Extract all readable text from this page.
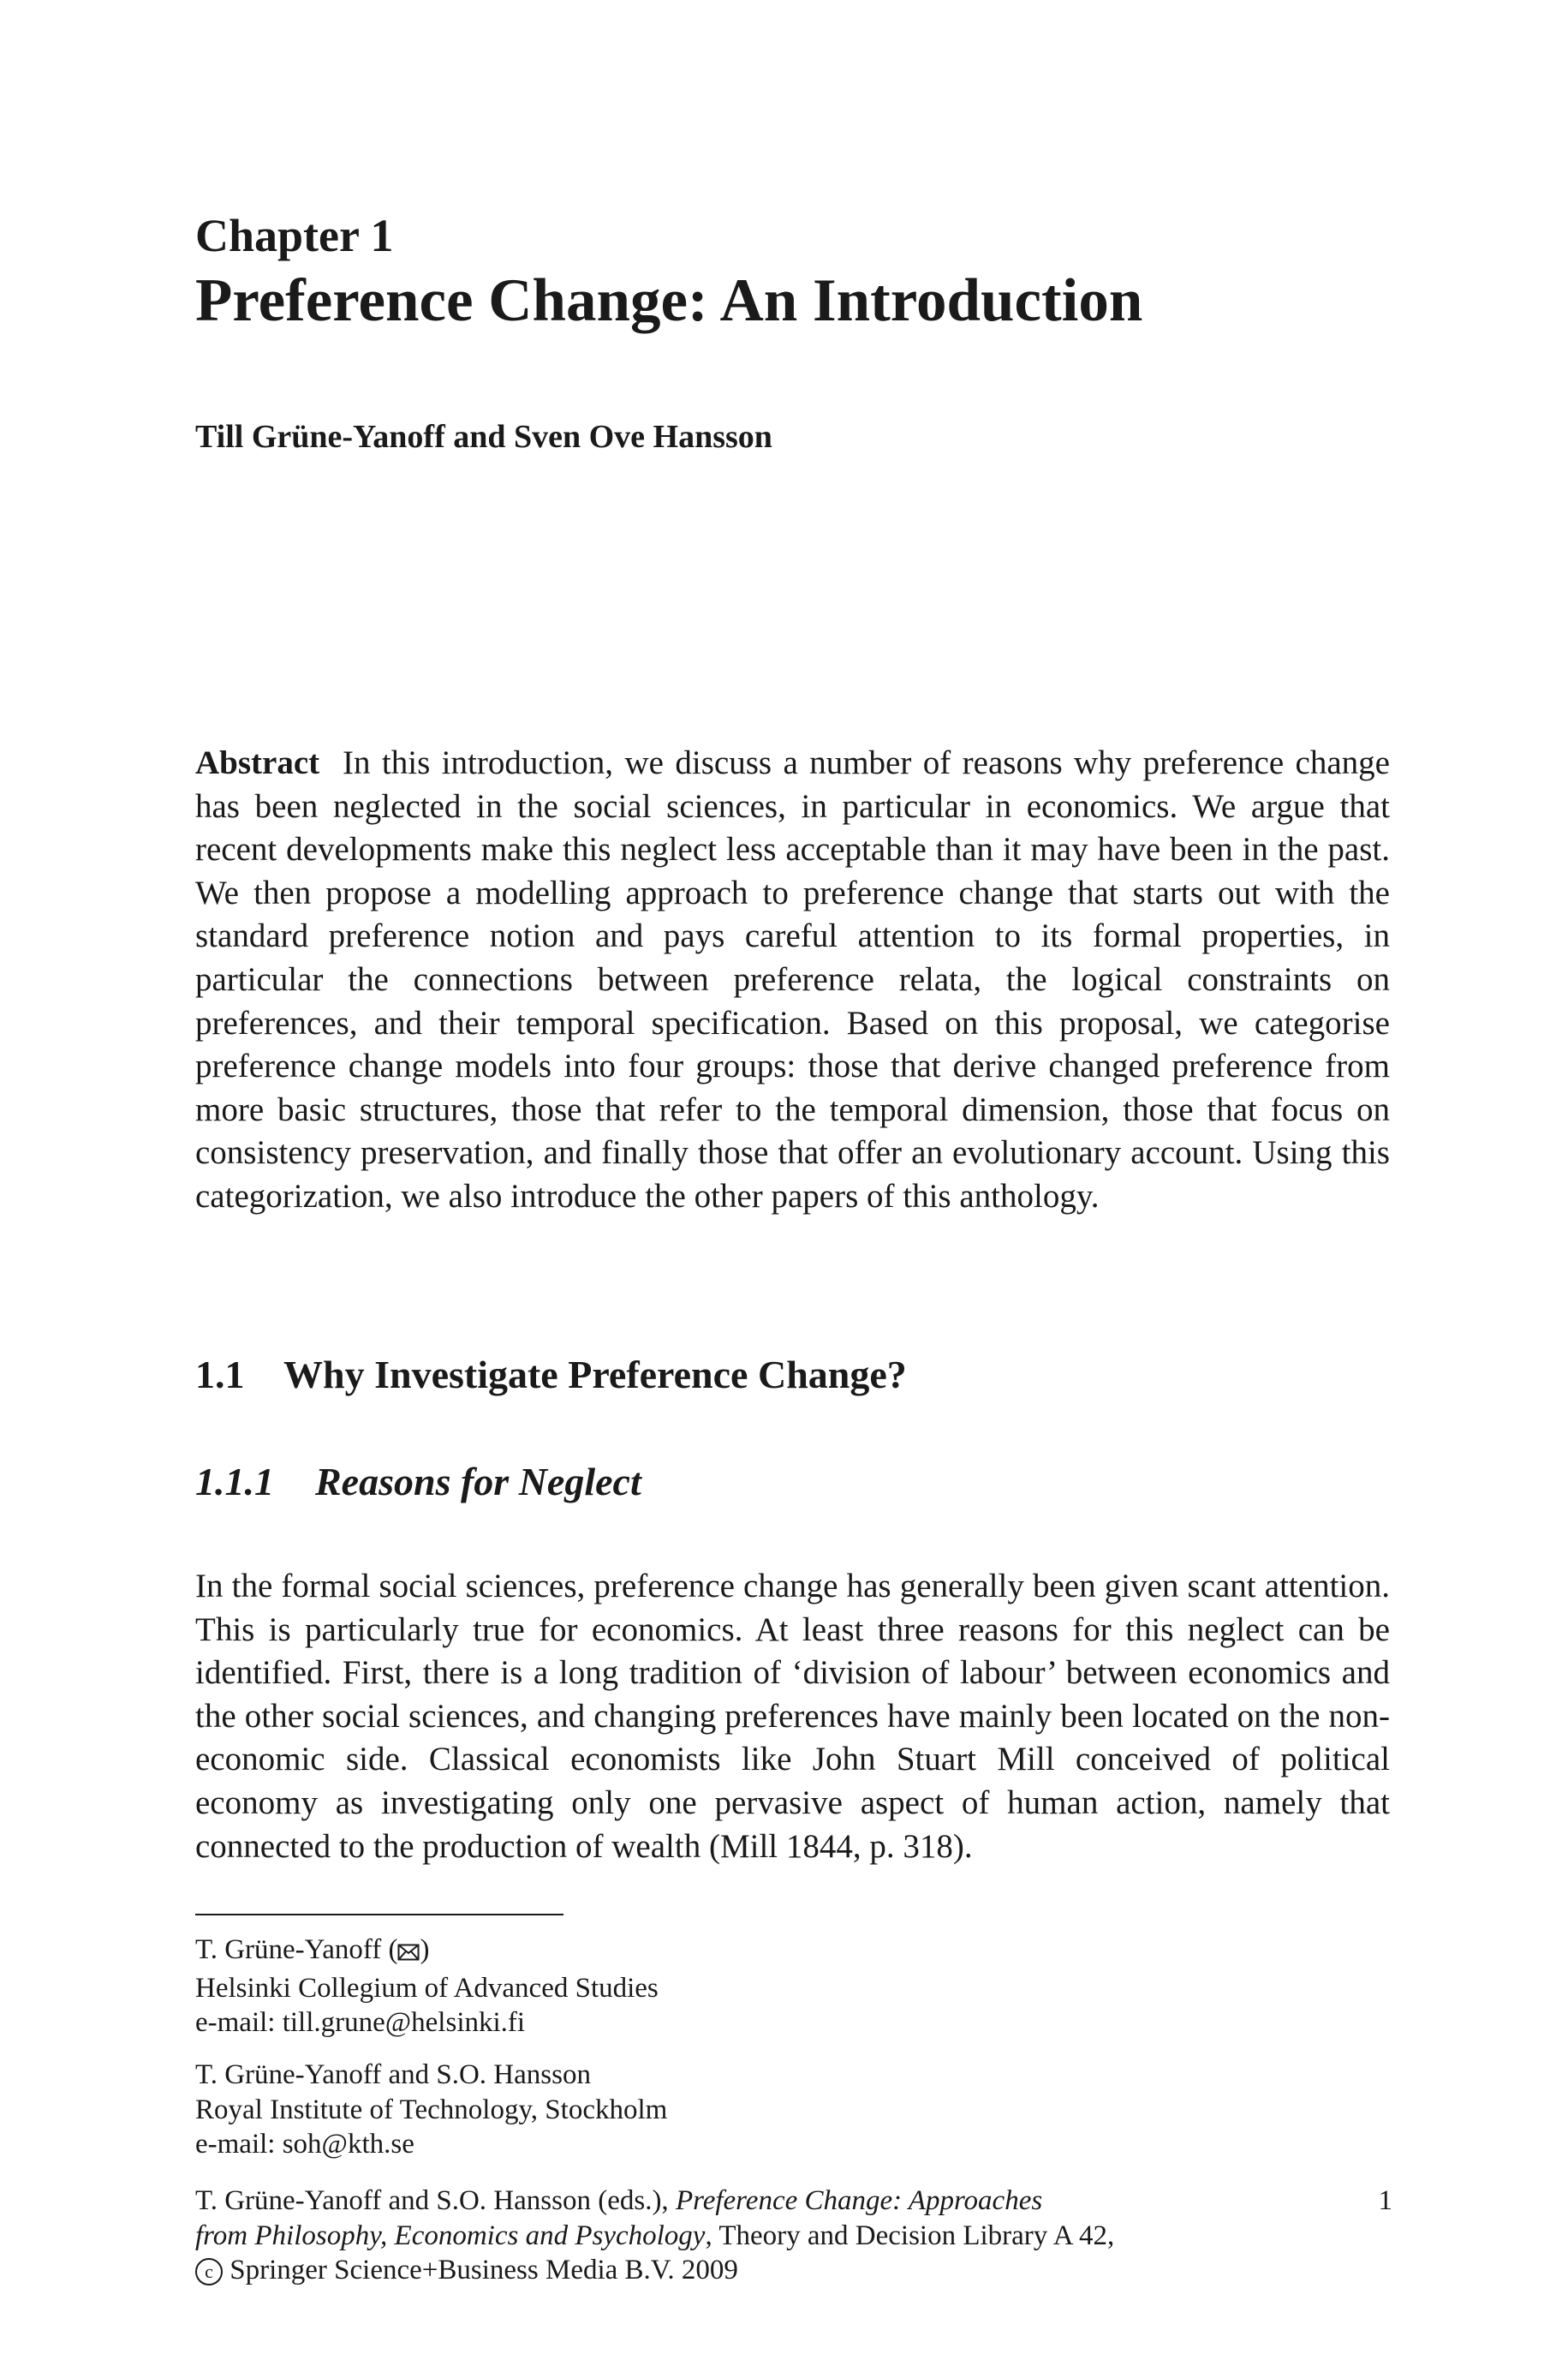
Chapter 1
Preference Change: An Introduction
Till Grüne-Yanoff and Sven Ove Hansson
Abstract In this introduction, we discuss a number of reasons why preference change has been neglected in the social sciences, in particular in economics. We argue that recent developments make this neglect less acceptable than it may have been in the past. We then propose a modelling approach to preference change that starts out with the standard preference notion and pays careful attention to its formal properties, in particular the connections between preference relata, the logical constraints on preferences, and their temporal specification. Based on this proposal, we categorise preference change models into four groups: those that derive changed preference from more basic structures, those that refer to the temporal dimension, those that focus on consistency preservation, and finally those that offer an evolutionary account. Using this categorization, we also introduce the other papers of this anthology.
1.1 Why Investigate Preference Change?
1.1.1 Reasons for Neglect
In the formal social sciences, preference change has generally been given scant attention. This is particularly true for economics. At least three reasons for this neglect can be identified. First, there is a long tradition of ‘division of labour’ between economics and the other social sciences, and changing preferences have mainly been located on the non-economic side. Classical economists like John Stuart Mill conceived of political economy as investigating only one pervasive aspect of human action, namely that connected to the production of wealth (Mill 1844, p. 318).
T. Grüne-Yanoff ( )
Helsinki Collegium of Advanced Studies
e-mail: till.grune@helsinki.fi
T. Grüne-Yanoff and S.O. Hansson
Royal Institute of Technology, Stockholm
e-mail: soh@kth.se
T. Grüne-Yanoff and S.O. Hansson (eds.), Preference Change: Approaches
from Philosophy, Economics and Psychology, Theory and Decision Library A 42,
c Springer Science+Business Media B.V. 2009
1
